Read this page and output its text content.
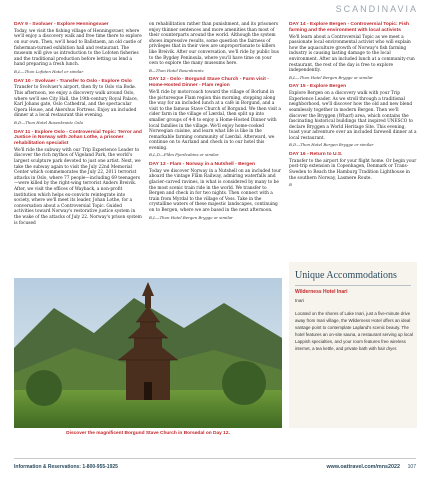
SCANDINAVIA
DAY 9 - Svolvaer - Explore Henningsvaer

Today, we visit the fishing village of Henningsvaer, where we'll enjoy a discovery walk and free time there to explore on our own. Then, we'll head to Ballstaem, an old castle of fisherman-turned exhibition hall and restaurant. The museum will give us introduction to the Lofoten fisheries and the traditional production before letting us lend a hand preparing a fresh lunch.

B,L—Thon Lofoten Hotel or similar

DAY 10 - Svolvaer - Transfer to Oslo - Explore Oslo

Transfer to Svolvaer's airport, then fly to Oslo via Bodø. This afternoon, we enjoy a discovery walk around Oslo, where we'll see City Hall, the 19th-century Royal Palace, Karl Johans gate, Oslo Cathedral, and the spectacular Opera House, and Akershus Fortress. Enjoy an included dinner at a local restaurant this evening.

B,D—Thon Hotel Rosenkrantz Oslo

DAY 11 - Explore Oslo - Controversial Topic: Terror and Justice in Norway with Johan Lothe, a prisoner rehabilitation specialist

We'll ride the subway with our Trip Experience Leader to discover the rich mythos of Vigeland Park, the world's largest sculpture park devoted to just one artist. Next, we take the subway again to visit the July 22nd Memorial Center which commemorates the July 22, 2011 terrorist attacks in Oslo, where 77 people—including 69 teenagers—were killed by the right-wing terrorist Anders Breivik. After, we visit the offices of Wayback, a non-profit institution which helps ex-convicts reintegrate into society, where we'll meet its leader, Johan Lothe, for a conversation about a Controversial Topic. Guided activities toward Norway's restorative justice system in the wake of the attacks of July 22. Norway's prison system is focused

on rehabilitation rather than punishment, and its prisoners enjoy thinner sentences and more amenities than most of their counterparts around the world. Although the system shows impressive results, some question the fairness of privileges that in their view are unproportionate to killers like Breivik. After our conversation, we'll ride by public bus to the Bygdøy Peninsula, where you'll have time on your own to explore the many museums here.

B—Thon Hotel Rosenkrantz

DAY 12 - Oslo - Borgund Stave Church - Farm visit - Home-Hosted Dinner - Flam region

We'll ride by motorcoach toward the village of Borlund in the picturesque Flam region this morning, stopping along the way for an included lunch at a café in Borgund, and a visit to the famous Stave Church of Borgund. We then visit a cider farm in the village of Lærdal, then split up into smaller groups of 4-8 to enjoy a Home-Hosted Dinner with local families in the village. We'll enjoy home-cooked Norwegian cuisine, and learn what life is like in the remarkable farming community of Lærdal. Afterward, we continue on to Aurland and check in to our hotel this evening.

B,L,D—Flåm Fjordcabins or similar

DAY 13 - Flam - Norway in a Nutshell - Bergen

Today we discover Norway in a Nutshell on an included tour aboard the vintage Flåm Railway, admiring waterfalls and glacier-carved ravines, in what is considered by many to be the most scenic train ride in the world. We transfer to Bergen and check in for two nights. Then connect with a train from Myrdal to the village of Voss. Take in the crystalline waters of these majestic landscapes, continuing on to Bergen, where we are based in the next afternoon.

B,L—Thon Hotel Bergen Brygge or similar

DAY 14 - Explore Bergen - Controversial Topic: Fish farming and the environment with local activists

We'll learn about a Controversial Topic as we meet a passionate local environmental activist who will explain how the aquaculture growth of Norway's fish farming industry is causing lasting damage to the local environment. After an included lunch at a community-run restaurant, the rest of the day is free to explore independently.

B,L—Thon Hotel Bergen Brygge or similar

DAY 15 - Explore Bergen

Explore Bergen on a discovery walk with your Trip Experience Leader. As we stroll through a traditional neighborhood, we'll discover how the old and new blend seamlessly together in modern Bergen. Then we'll discover the Bryggen (Wharf) area, which contains the fascinating historical buildings that inspired UNESCO to declare Bryggen a World Heritage Site. This evening, toast your adventure over an included farewell dinner at a local restaurant.

B,D—Thon Hotel Bergen Brygge or similar

DAY 16 - Return to U.S.

Transfer to the airport for your flight home. Or begin your post-trip extension in Copenhagen, Denmark or Trans-Sweden to Reach the Hamburg Tradition Lighthouse in the southern Norway, Lasmere Route.

B

Discover the magnificent Borgund Stave Church in Borsødal on Day 12.

Unique Accommodations

Wilderness Hotel Inari

Inari

Located on the shores of Lake Inari, just a five-minute drive away from Inari village, the Wilderness Hotel offers an ideal vantage point to contemplate Lapland's scenic beauty. The hotel features an on-site sauna, a restaurant serving up local Lappish specialties, and your room features free wireless internet, a tea kettle, and private bath with hair dryer.

Information & Reservations: 1-800-955-1925	www.oattravel.com/mns2022 107
